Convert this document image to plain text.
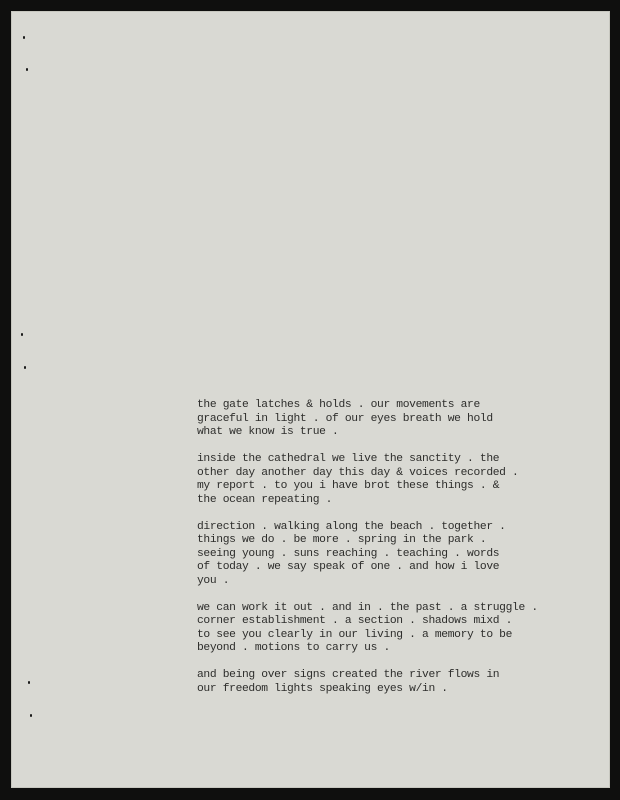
the gate latches & holds . our movements are
graceful in light . of our eyes breath we hold
what we know is true .
inside the cathedral we live the sanctity . the
other day another day this day & voices recorded .
my report . to you i have brot these things . &
the ocean repeating .
direction . walking along the beach . together .
things we do . be more . spring in the park .
seeing young . suns reaching . teaching . words
of today . we say speak of one . and how i love
you .
we can work it out . and in . the past . a struggle .
corner establishment . a section . shadows mixd .
to see you clearly in our living . a memory to be
beyond . motions to carry us .
and being over signs created the river flows in
our freedom lights speaking eyes w/in .
